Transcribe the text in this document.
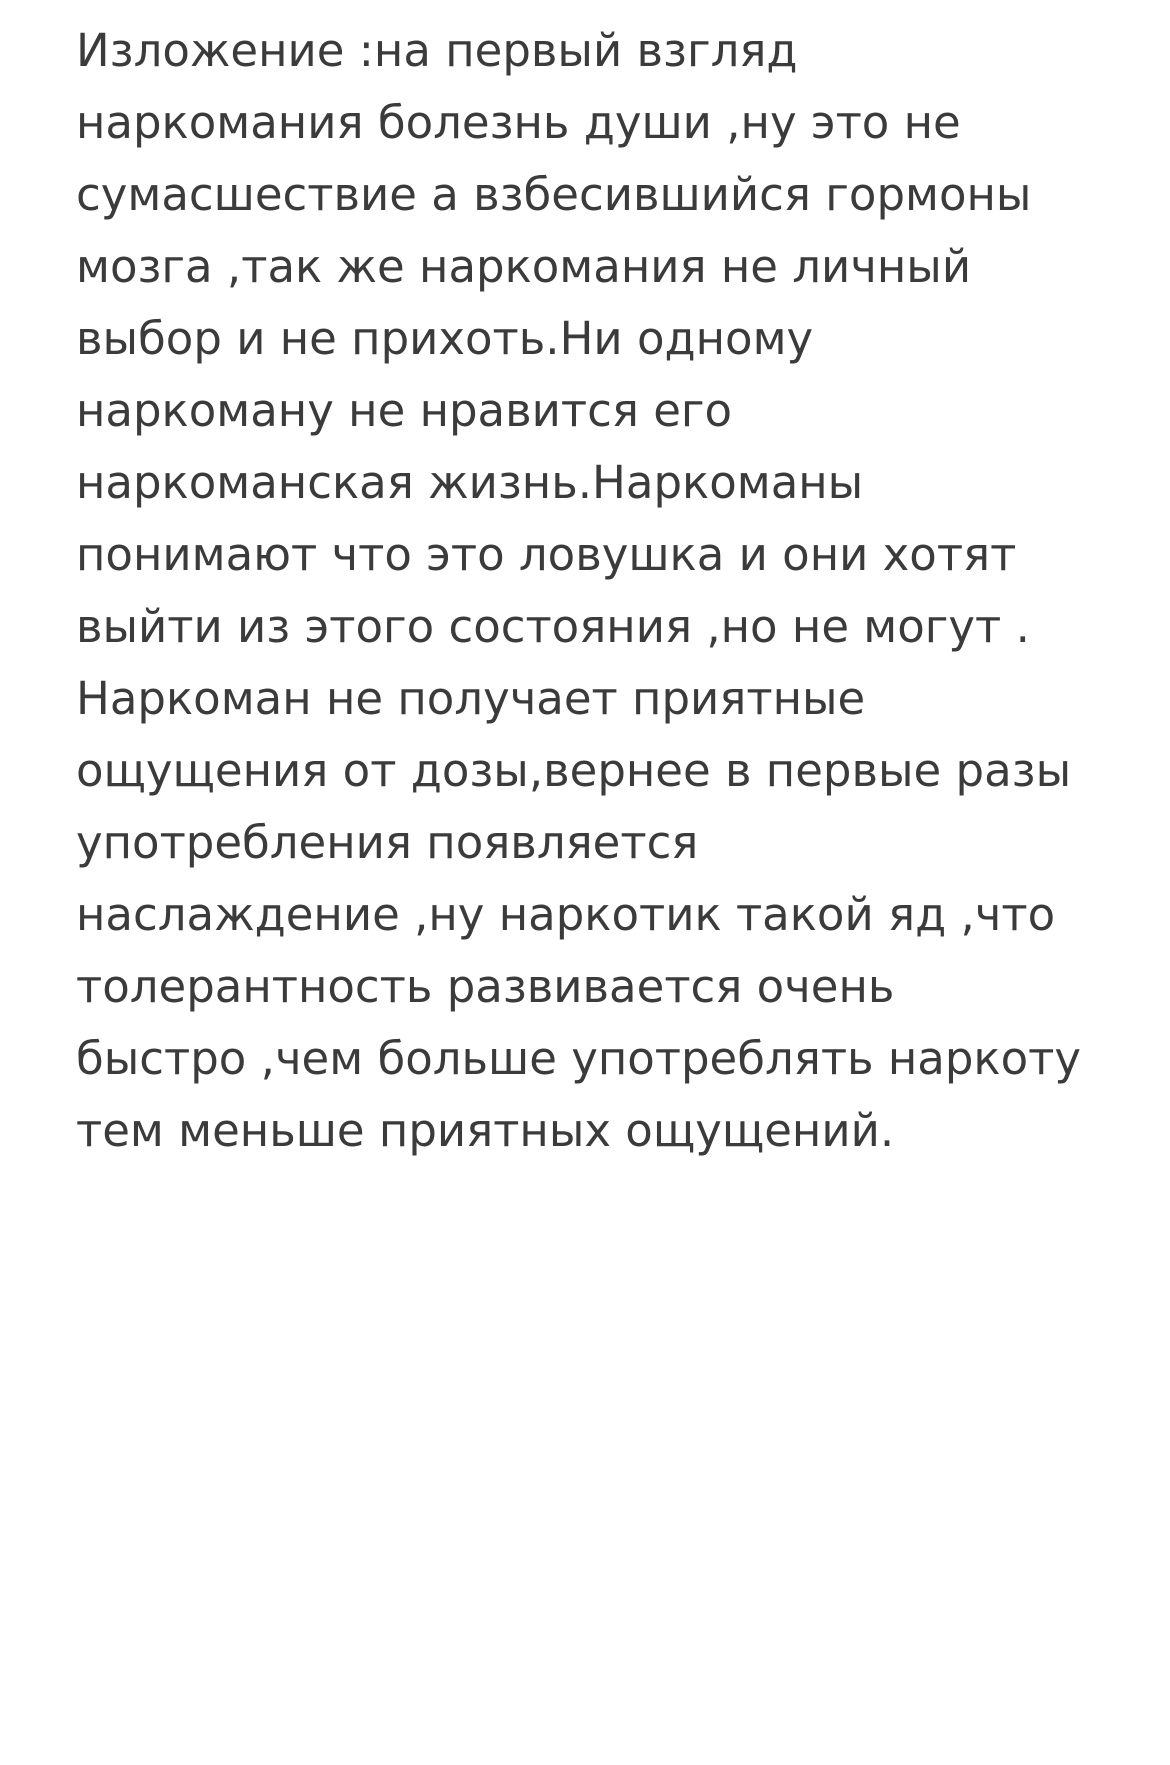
Изложение :на первый взгляд
наркомания болезнь души ,ну это не
сумасшествие а взбесившийся гормоны
мозга ,так же наркомания не личный
выбор и не прихоть.Ни одному
наркоману не нравится его
наркоманская жизнь.Наркоманы
понимают что это ловушка и они хотят
выйти из этого состояния ,но не могут .
Наркоман не получает приятные
ощущения от дозы,вернее в первые разы
употребления появляется
наслаждение ,ну наркотик такой яд ,что
толерантность развивается очень
быстро ,чем больше употреблять наркоту
тем меньше приятных ощущений.
